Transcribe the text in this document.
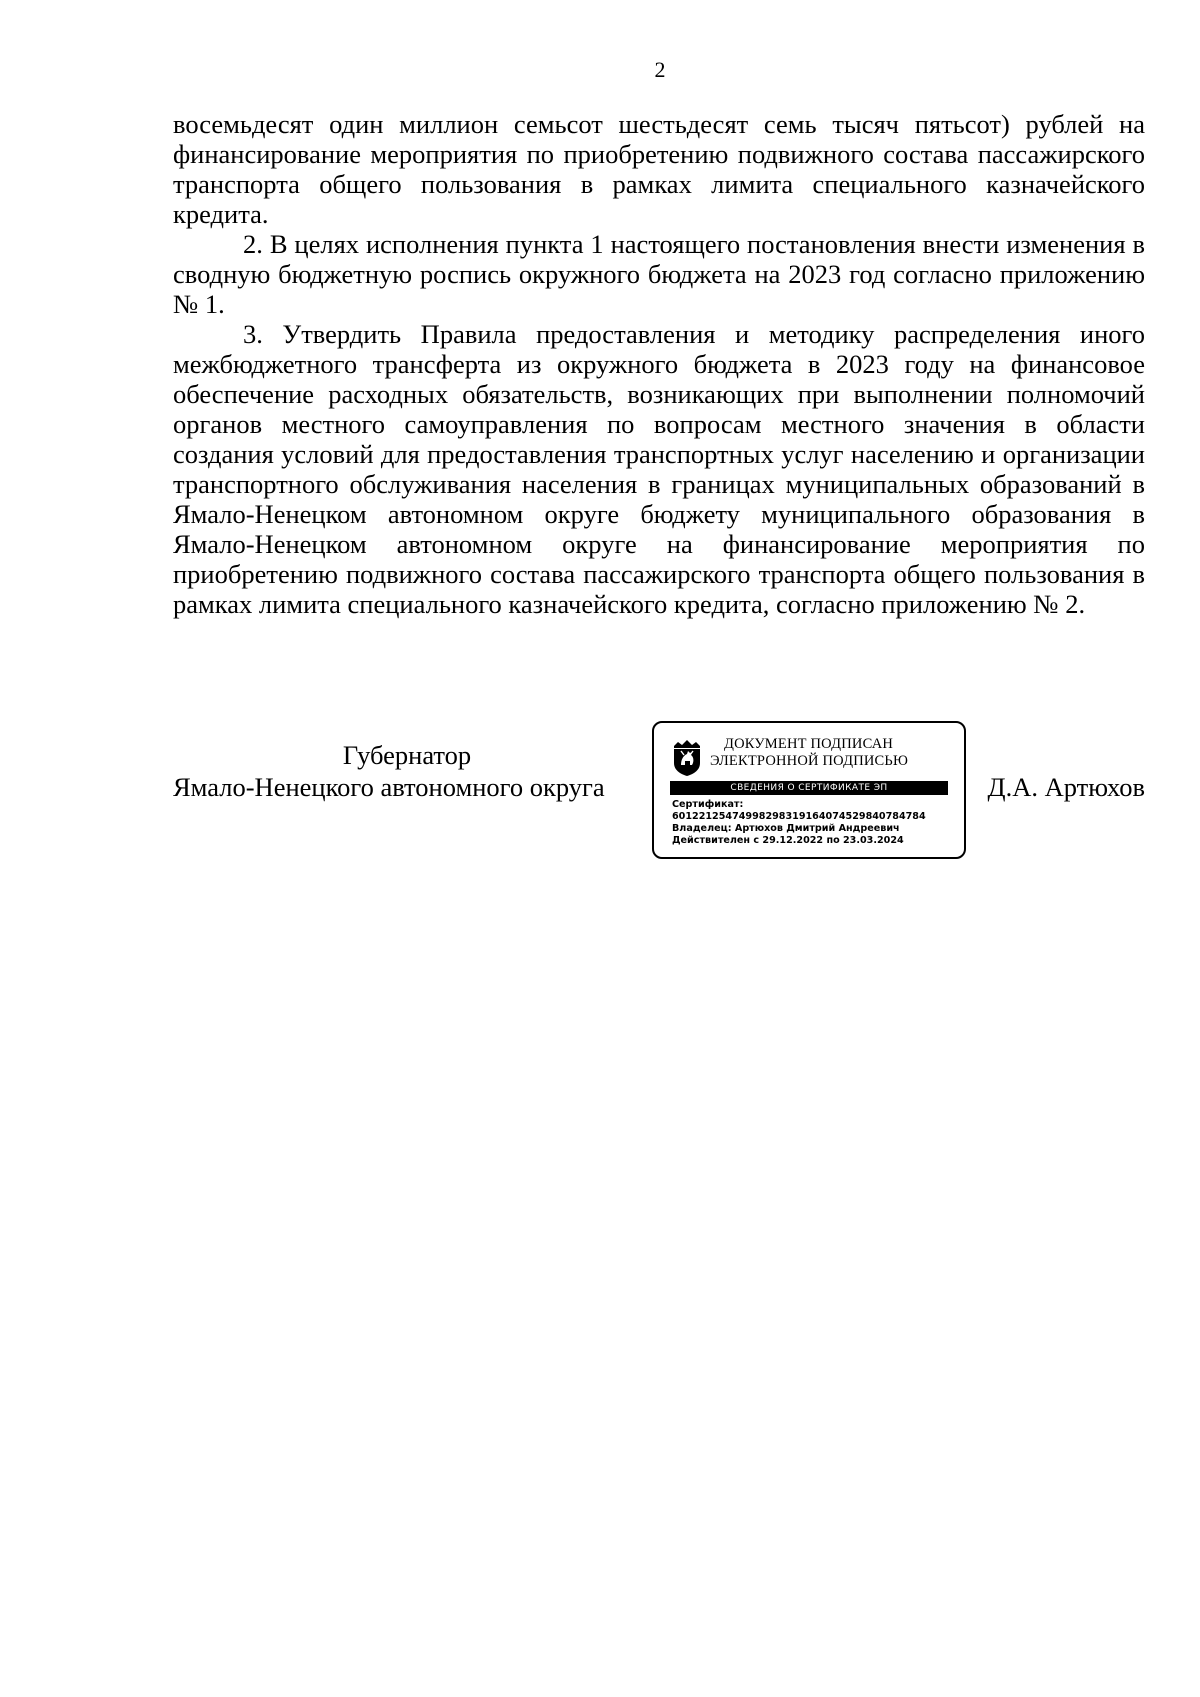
2

восемьдесят один миллион семьсот шестьдесят семь тысяч пятьсот) рублей на финансирование мероприятия по приобретению подвижного состава пассажирского транспорта общего пользования в рамках лимита специального казначейского кредита.

2. В целях исполнения пункта 1 настоящего постановления внести изменения в сводную бюджетную роспись окружного бюджета на 2023 год согласно приложению № 1.

3. Утвердить Правила предоставления и методику распределения иного межбюджетного трансферта из окружного бюджета в 2023 году на финансовое обеспечение расходных обязательств, возникающих при выполнении полномочий органов местного самоуправления по вопросам местного значения в области создания условий для предоставления транспортных услуг населению и организации транспортного обслуживания населения в границах муниципальных образований в Ямало-Ненецком автономном округе бюджету муниципального образования в Ямало-Ненецком автономном округе на финансирование мероприятия по приобретению подвижного состава пассажирского транспорта общего пользования в рамках лимита специального казначейского кредита, согласно приложению № 2.

Губернатор
Ямало-Ненецкого автономного округа
ДОКУМЕНТ ПОДПИСАН
ЭЛЕКТРОННОЙ ПОДПИСЬЮ
СВЕДЕНИЯ О СЕРТИФИКАТЕ ЭП
Сертификат:
601221254749982983191640745298407847​84
Владелец: Артюхов Дмитрий Андреевич
Действителен с 29.12.2022 по 23.03.2024
Д.А. Артюхов
